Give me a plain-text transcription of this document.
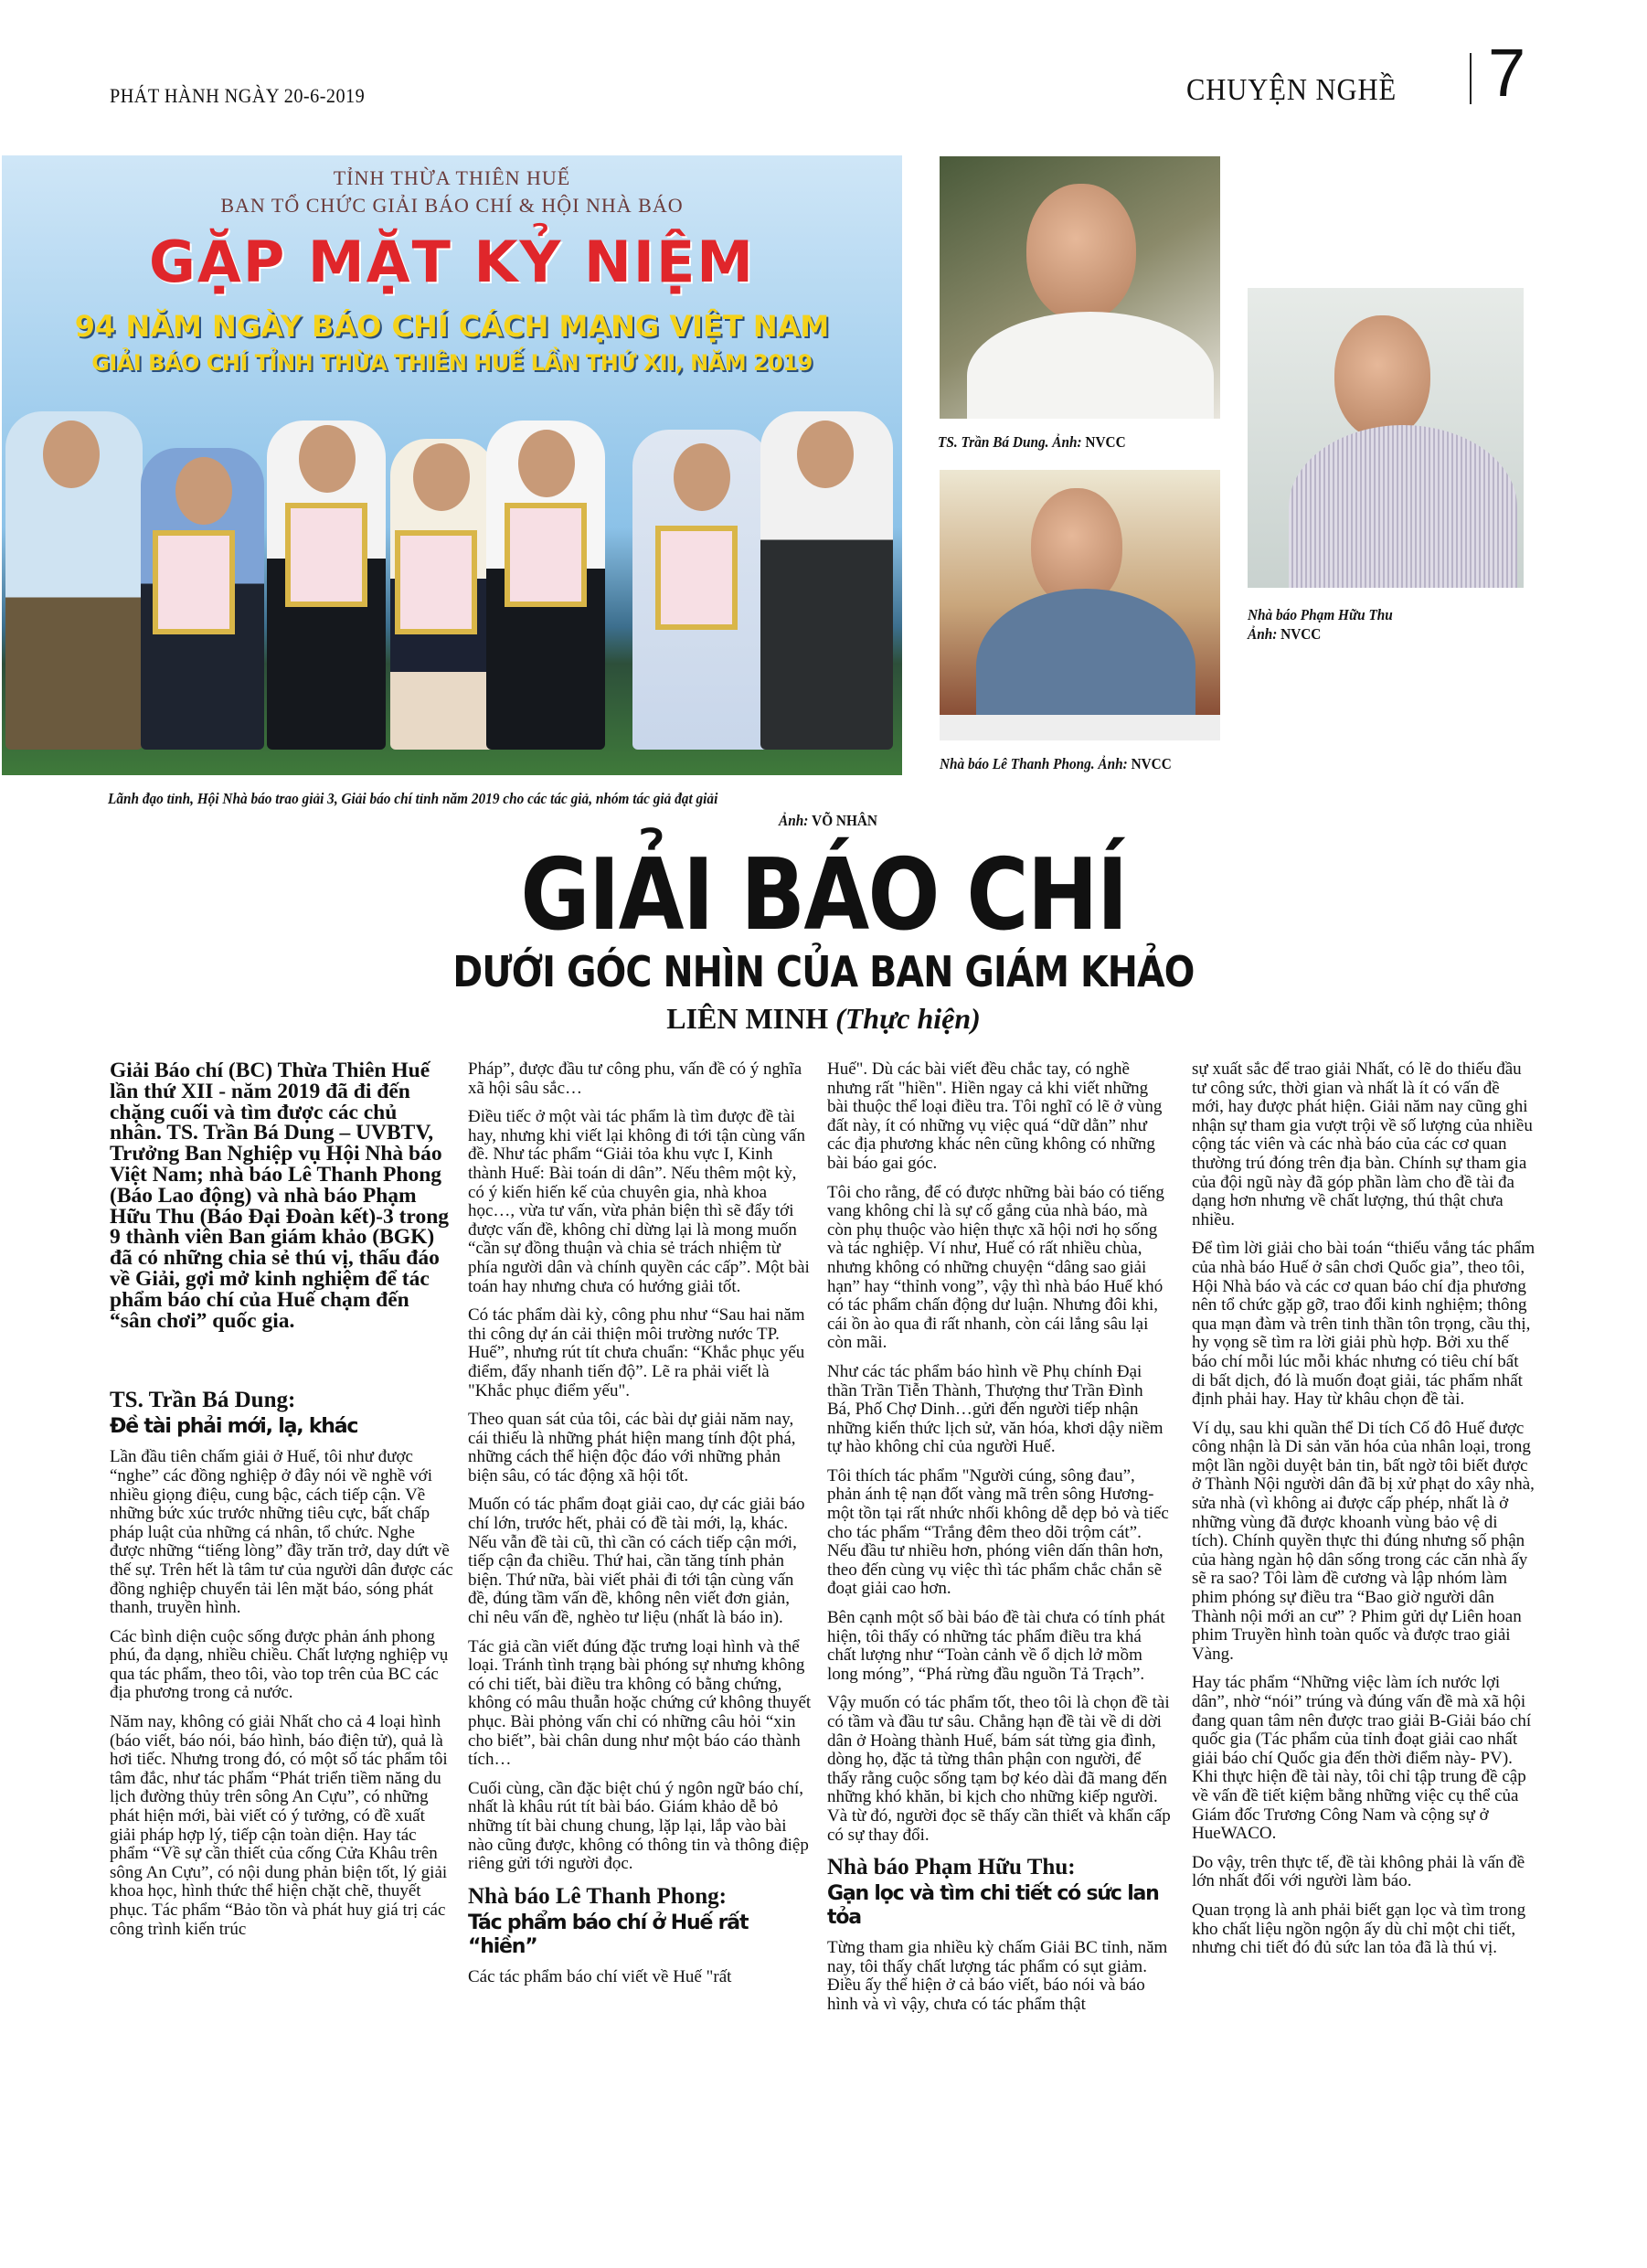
PHÁT HÀNH NGÀY 20-6-2019	CHUYỆN NGHỀ 7
TỈNH THỪA THIÊN HUẾ
BAN TỔ CHỨC GIẢI BÁO CHÍ & HỘI NHÀ BÁO
GẶP MẶT KỶ NIỆM
94 NĂM NGÀY BÁO CHÍ CÁCH MẠNG VIỆT NAM
GIẢI BÁO CHÍ TỈNH THỪA THIÊN HUẾ LẦN THỨ XII, NĂM 2019
Lãnh đạo tỉnh, Hội Nhà báo trao giải 3, Giải báo chí tỉnh năm 2019 cho các tác giả, nhóm tác giả đạt giải
Ảnh: VÕ NHÂN
TS. Trần Bá Dung. Ảnh: NVCC
Nhà báo Lê Thanh Phong. Ảnh: NVCC
Nhà báo Phạm Hữu Thu
Ảnh: NVCC
GIẢI BÁO CHÍ
DƯỚI GÓC NHÌN CỦA BAN GIÁM KHẢO
LIÊN MINH (Thực hiện)

Giải Báo chí (BC) Thừa Thiên Huế lần thứ XII - năm 2019 đã đi đến chặng cuối và tìm được các chủ nhân. TS. Trần Bá Dung – UVBTV, Trưởng Ban Nghiệp vụ Hội Nhà báo Việt Nam; nhà báo Lê Thanh Phong (Báo Lao động) và nhà báo Phạm Hữu Thu (Báo Đại Đoàn kết)-3 trong 9 thành viên Ban giám khảo (BGK) đã có những chia sẻ thú vị, thấu đáo về Giải, gợi mở kinh nghiệm để tác phẩm báo chí của Huế chạm đến “sân chơi” quốc gia.

TS. Trần Bá Dung:
Đề tài phải mới, lạ, khác

Lần đầu tiên chấm giải ở Huế, tôi như được “nghe” các đồng nghiệp ở đây nói về nghề với nhiều giọng điệu, cung bậc, cách tiếp cận. Về những bức xúc trước những tiêu cực, bất chấp pháp luật của những cá nhân, tổ chức. Nghe được những “tiếng lòng” đầy trăn trở, day dứt về thế sự. Trên hết là tâm tư của người dân được các đồng nghiệp chuyển tải lên mặt báo, sóng phát thanh, truyền hình.

Các bình diện cuộc sống được phản ánh phong phú, đa dạng, nhiều chiều. Chất lượng nghiệp vụ qua tác phẩm, theo tôi, vào top trên của BC các địa phương trong cả nước.

Năm nay, không có giải Nhất cho cả 4 loại hình (báo viết, báo nói, báo hình, báo điện tử), quả là hơi tiếc. Nhưng trong đó, có một số tác phẩm tôi tâm đắc, như tác phẩm “Phát triển tiềm năng du lịch đường thủy trên sông An Cựu”, có những phát hiện mới, bài viết có ý tưởng, có đề xuất giải pháp hợp lý, tiếp cận toàn diện. Hay tác phẩm “Về sự cần thiết của cống Cửa Khâu trên sông An Cựu”, có nội dung phản biện tốt, lý giải khoa học, hình thức thể hiện chặt chẽ, thuyết phục. Tác phẩm “Bảo tồn và phát huy giá trị các công trình kiến trúc

Pháp”, được đầu tư công phu, vấn đề có ý nghĩa xã hội sâu sắc…

Điều tiếc ở một vài tác phẩm là tìm được đề tài hay, nhưng khi viết lại không đi tới tận cùng vấn đề. Như tác phẩm “Giải tỏa khu vực I, Kinh thành Huế: Bài toán di dân”. Nếu thêm một kỳ, có ý kiến hiến kế của chuyên gia, nhà khoa học…, vừa tư vấn, vừa phản biện thì sẽ đẩy tới được vấn đề, không chỉ dừng lại là mong muốn “cần sự đồng thuận và chia sẻ trách nhiệm từ phía người dân và chính quyền các cấp”. Một bài toán hay nhưng chưa có hướng giải tốt.

Có tác phẩm dài kỳ, công phu như “Sau hai năm thi công dự án cải thiện môi trường nước TP. Huế”, nhưng rút tít chưa chuẩn: “Khắc phục yếu điểm, đẩy nhanh tiến độ”. Lẽ ra phải viết là "Khắc phục điểm yếu".

Theo quan sát của tôi, các bài dự giải năm nay, cái thiếu là những phát hiện mang tính đột phá, những cách thể hiện độc đáo với những phản biện sâu, có tác động xã hội tốt.

Muốn có tác phẩm đoạt giải cao, dự các giải báo chí lớn, trước hết, phải có đề tài mới, lạ, khác. Nếu vẫn đề tài cũ, thì cần có cách tiếp cận mới, tiếp cận đa chiều. Thứ hai, cần tăng tính phản biện. Thứ nữa, bài viết phải đi tới tận cùng vấn đề, đúng tầm vấn đề, không nên viết đơn giản, chỉ nêu vấn đề, nghèo tư liệu (nhất là báo in).

Tác giả cần viết đúng đặc trưng loại hình và thể loại. Tránh tình trạng bài phóng sự nhưng không có chi tiết, bài điều tra không có bằng chứng, không có mâu thuẫn hoặc chứng cứ không thuyết phục. Bài phỏng vấn chỉ có những câu hỏi “xin cho biết”, bài chân dung như một báo cáo thành tích…

Cuối cùng, cần đặc biệt chú ý ngôn ngữ báo chí, nhất là khâu rút tít bài báo. Giám khảo dễ bỏ những tít bài chung chung, lặp lại, lắp vào bài nào cũng được, không có thông tin và thông điệp riêng gửi tới người đọc.

Nhà báo Lê Thanh Phong:
Tác phẩm báo chí ở Huế rất “hiền”

Các tác phẩm báo chí viết về Huế "rất

Huế". Dù các bài viết đều chắc tay, có nghề nhưng rất "hiền". Hiền ngay cả khi viết những bài thuộc thể loại điều tra. Tôi nghĩ có lẽ ở vùng đất này, ít có những vụ việc quá “dữ dằn” như các địa phương khác nên cũng không có những bài báo gai góc.

Tôi cho rằng, để có được những bài báo có tiếng vang không chỉ là sự cố gắng của nhà báo, mà còn phụ thuộc vào hiện thực xã hội nơi họ sống và tác nghiệp. Ví như, Huế có rất nhiều chùa, nhưng không có những chuyện “dâng sao giải hạn” hay “thỉnh vong”, vậy thì nhà báo Huế khó có tác phẩm chấn động dư luận. Nhưng đôi khi, cái ồn ào qua đi rất nhanh, còn cái lắng sâu lại còn mãi.

Như các tác phẩm báo hình về Phụ chính Đại thần Trần Tiễn Thành, Thượng thư Trần Đình Bá, Phố Chợ Dinh…gửi đến người tiếp nhận những kiến thức lịch sử, văn hóa, khơi dậy niềm tự hào không chỉ của người Huế.

Tôi thích tác phẩm "Người cúng, sông đau”, phản ánh tệ nạn đốt vàng mã trên sông Hương- một tồn tại rất nhức nhối không dễ dẹp bỏ và tiếc cho tác phẩm “Trắng đêm theo dõi trộm cát”. Nếu đầu tư nhiều hơn, phóng viên dấn thân hơn, theo đến cùng vụ việc thì tác phẩm chắc chắn sẽ đoạt giải cao hơn.

Bên cạnh một số bài báo đề tài chưa có tính phát hiện, tôi thấy có những tác phẩm điều tra khá chất lượng như “Toàn cảnh về ổ dịch lở mồm long móng”, “Phá rừng đầu nguồn Tả Trạch”.

Vậy muốn có tác phẩm tốt, theo tôi là chọn đề tài có tầm và đầu tư sâu. Chẳng hạn đề tài về di dời dân ở Hoàng thành Huế, bám sát từng gia đình, dòng họ, đặc tả từng thân phận con người, để thấy rằng cuộc sống tạm bợ kéo dài đã mang đến những khó khăn, bi kịch cho những kiếp người. Và từ đó, người đọc sẽ thấy cần thiết và khẩn cấp có sự thay đổi.

Nhà báo Phạm Hữu Thu:
Gạn lọc và tìm chi tiết có sức lan tỏa

Từng tham gia nhiều kỳ chấm Giải BC tỉnh, năm nay, tôi thấy chất lượng tác phẩm có sụt giảm. Điều ấy thể hiện ở cả báo viết, báo nói và báo hình và vì vậy, chưa có tác phẩm thật

sự xuất sắc để trao giải Nhất, có lẽ do thiếu đầu tư công sức, thời gian và nhất là ít có vấn đề mới, hay được phát hiện. Giải năm nay cũng ghi nhận sự tham gia vượt trội về số lượng của nhiều cộng tác viên và các nhà báo của các cơ quan thường trú đóng trên địa bàn. Chính sự tham gia của đội ngũ này đã góp phần làm cho đề tài đa dạng hơn nhưng về chất lượng, thú thật chưa nhiều.

Để tìm lời giải cho bài toán “thiếu vắng tác phẩm của nhà báo Huế ở sân chơi Quốc gia”, theo tôi, Hội Nhà báo và các cơ quan báo chí địa phương nên tổ chức gặp gỡ, trao đổi kinh nghiệm; thông qua mạn đàm và trên tinh thần tôn trọng, cầu thị, hy vọng sẽ tìm ra lời giải phù hợp. Bởi xu thế báo chí mỗi lúc mỗi khác nhưng có tiêu chí bất di bất dịch, đó là muốn đoạt giải, tác phẩm nhất định phải hay. Hay từ khâu chọn đề tài.

Ví dụ, sau khi quần thể Di tích Cố đô Huế được công nhận là Di sản văn hóa của nhân loại, trong một lần ngồi duyệt bản tin, bất ngờ tôi biết được ở Thành Nội người dân đã bị xử phạt do xây nhà, sửa nhà (vì không ai được cấp phép, nhất là ở những vùng đã được khoanh vùng bảo vệ di tích). Chính quyền thực thi đúng nhưng số phận của hàng ngàn hộ dân sống trong các căn nhà ấy sẽ ra sao? Tôi làm đề cương và lập nhóm làm phim phóng sự điều tra “Bao giờ người dân Thành nội mới an cư” ? Phim gửi dự Liên hoan phim Truyền hình toàn quốc và được trao giải Vàng.

Hay tác phẩm “Những việc làm ích nước lợi dân”, nhờ “nói” trúng và đúng vấn đề mà xã hội đang quan tâm nên được trao giải B-Giải báo chí quốc gia (Tác phẩm của tỉnh đoạt giải cao nhất giải báo chí Quốc gia đến thời điểm này- PV). Khi thực hiện đề tài này, tôi chỉ tập trung đề cập về vấn đề tiết kiệm bằng những việc cụ thể của Giám đốc Trương Công Nam và cộng sự ở HueWACO.

Do vậy, trên thực tế, đề tài không phải là vấn đề lớn nhất đối với người làm báo.

Quan trọng là anh phải biết gạn lọc và tìm trong kho chất liệu ngồn ngộn ấy dù chỉ một chi tiết, nhưng chi tiết đó đủ sức lan tỏa đã là thú vị.
